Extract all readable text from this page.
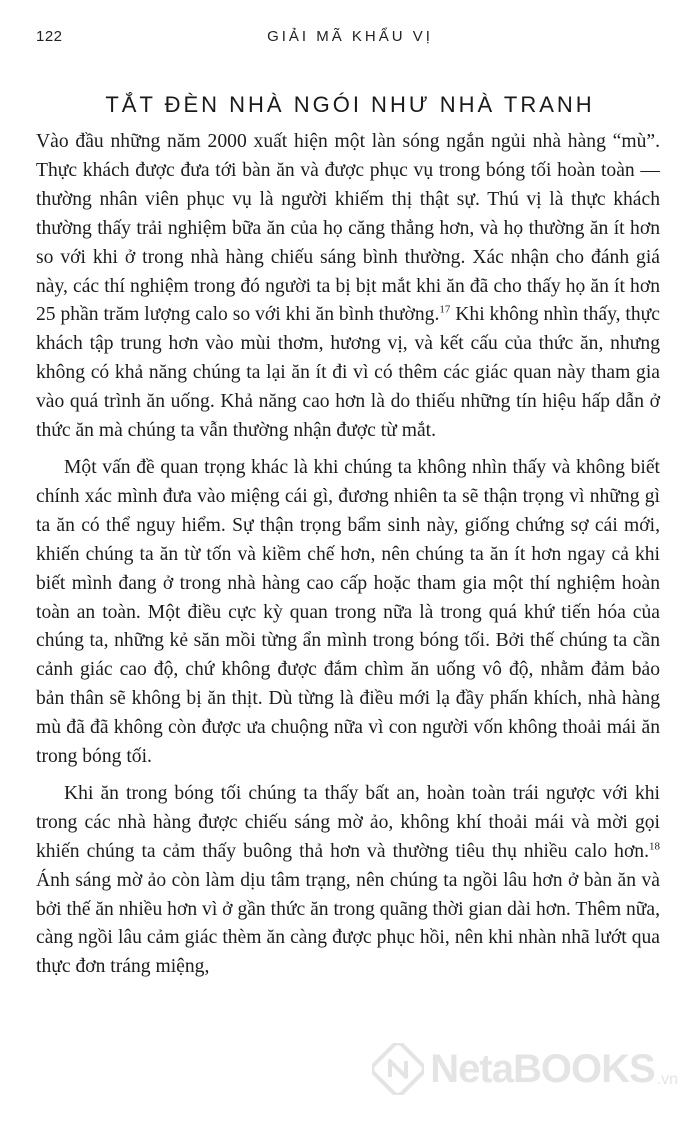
122	GIẢI MÃ KHẨU VỊ
TẮT ĐÈN NHÀ NGÓI NHƯ NHÀ TRANH

Vào đầu những năm 2000 xuất hiện một làn sóng ngắn ngủi nhà hàng “mù”. Thực khách được đưa tới bàn ăn và được phục vụ trong bóng tối hoàn toàn — thường nhân viên phục vụ là người khiếm thị thật sự. Thú vị là thực khách thường thấy trải nghiệm bữa ăn của họ căng thẳng hơn, và họ thường ăn ít hơn so với khi ở trong nhà hàng chiếu sáng bình thường. Xác nhận cho đánh giá này, các thí nghiệm trong đó người ta bị bịt mắt khi ăn đã cho thấy họ ăn ít hơn 25 phần trăm lượng calo so với khi ăn bình thường.$^{17}$ Khi không nhìn thấy, thực khách tập trung hơn vào mùi thơm, hương vị, và kết cấu của thức ăn, nhưng không có khả năng chúng ta lại ăn ít đi vì có thêm các giác quan này tham gia vào quá trình ăn uống. Khả năng cao hơn là do thiếu những tín hiệu hấp dẫn ở thức ăn mà chúng ta vẫn thường nhận được từ mắt.

Một vấn đề quan trọng khác là khi chúng ta không nhìn thấy và không biết chính xác mình đưa vào miệng cái gì, đương nhiên ta sẽ thận trọng vì những gì ta ăn có thể nguy hiểm. Sự thận trọng bẩm sinh này, giống chứng sợ cái mới, khiến chúng ta ăn từ tốn và kiềm chế hơn, nên chúng ta ăn ít hơn ngay cả khi biết mình đang ở trong nhà hàng cao cấp hoặc tham gia một thí nghiệm hoàn toàn an toàn. Một điều cực kỳ quan trong nữa là trong quá khứ tiến hóa của chúng ta, những kẻ săn mồi từng ẩn mình trong bóng tối. Bởi thế chúng ta cần cảnh giác cao độ, chứ không được đắm chìm ăn uống vô độ, nhằm đảm bảo bản thân sẽ không bị ăn thịt. Dù từng là điều mới lạ đầy phấn khích, nhà hàng mù đã đã không còn được ưa chuộng nữa vì con người vốn không thoải mái ăn trong bóng tối.

Khi ăn trong bóng tối chúng ta thấy bất an, hoàn toàn trái ngược với khi trong các nhà hàng được chiếu sáng mờ ảo, không khí thoải mái và mời gọi khiến chúng ta cảm thấy buông thả hơn và thường tiêu thụ nhiều calo hơn.$^{18}$ Ánh sáng mờ ảo còn làm dịu tâm trạng, nên chúng ta ngồi lâu hơn ở bàn ăn và bởi thế ăn nhiều hơn vì ở gần thức ăn trong quãng thời gian dài hơn. Thêm nữa, càng ngồi lâu cảm giác thèm ăn càng được phục hồi, nên khi nhàn nhã lướt qua thực đơn tráng miệng,

NetaBOOKS .vn
